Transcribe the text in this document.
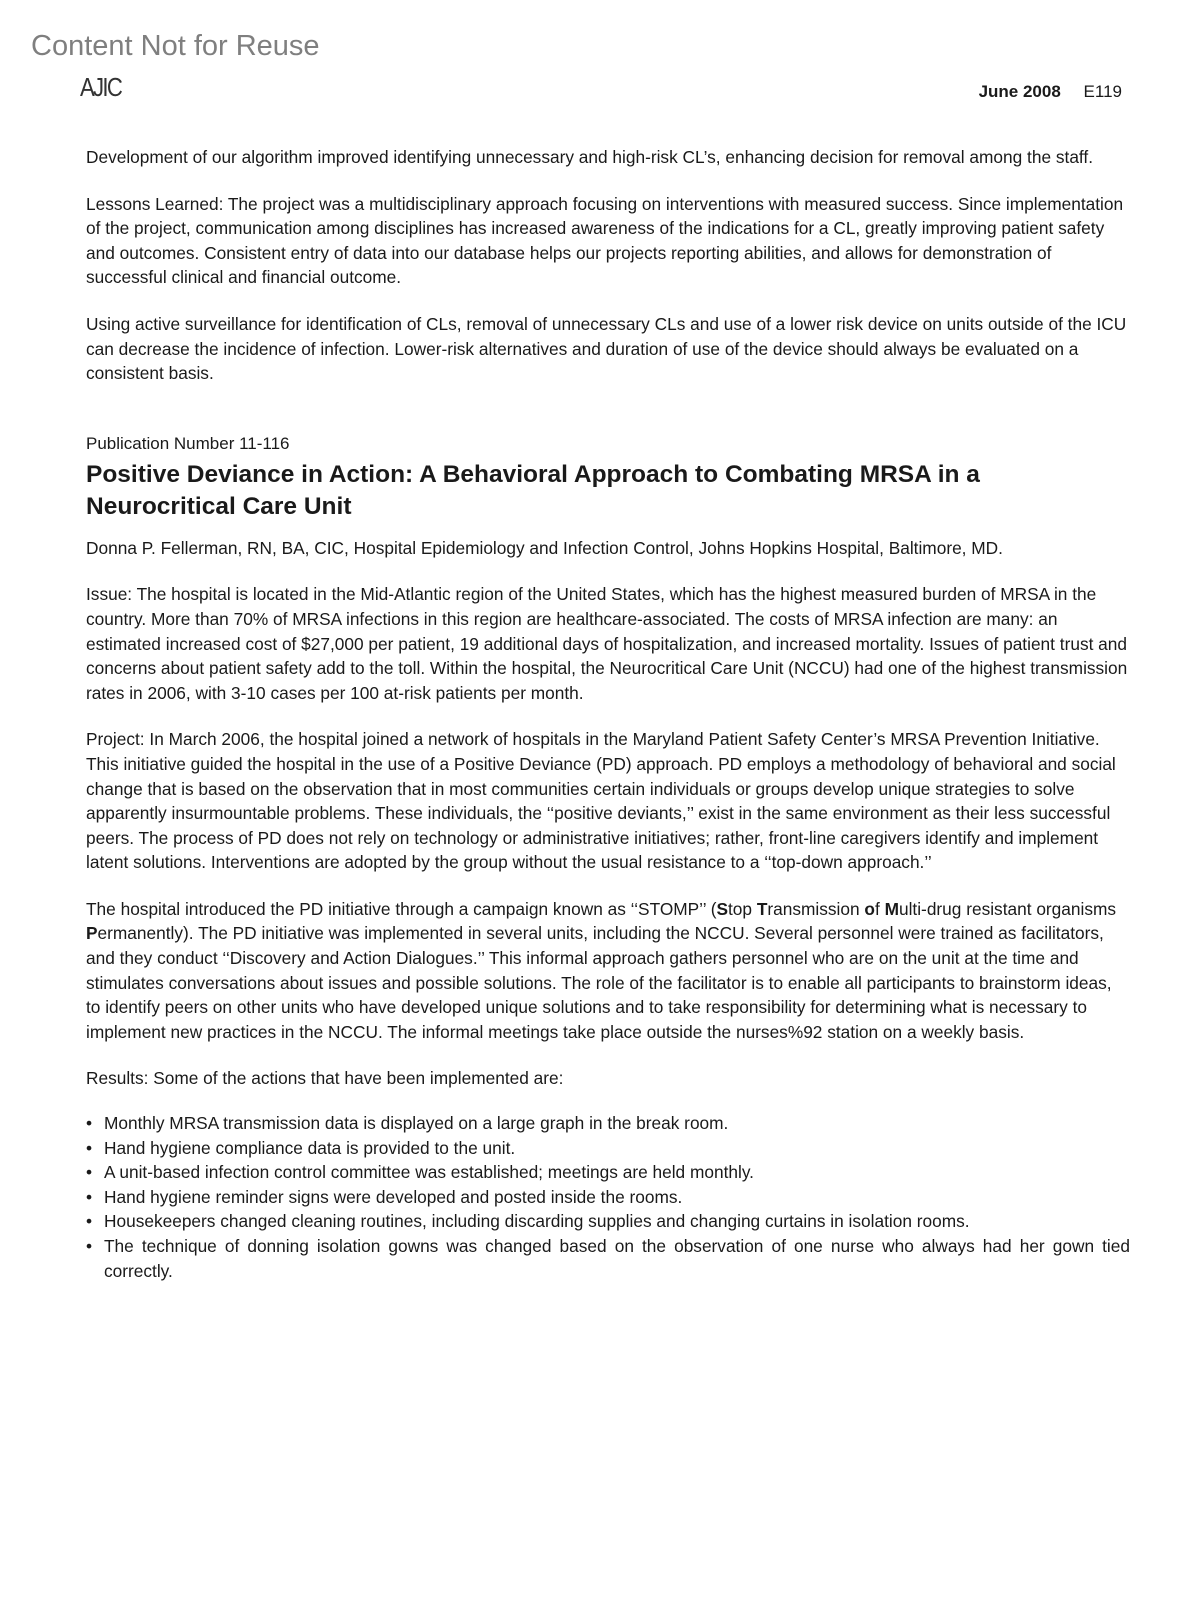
Content Not for Reuse
AJIC	June 2008 E119

Development of our algorithm improved identifying unnecessary and high-risk CL’s, enhancing decision for removal among the staff.

Lessons Learned: The project was a multidisciplinary approach focusing on interventions with measured success. Since implementation of the project, communication among disciplines has increased awareness of the indications for a CL, greatly improving patient safety and outcomes. Consistent entry of data into our database helps our projects reporting abilities, and allows for demonstration of successful clinical and financial outcome.

Using active surveillance for identification of CLs, removal of unnecessary CLs and use of a lower risk device on units outside of the ICU can decrease the incidence of infection. Lower-risk alternatives and duration of use of the device should always be evaluated on a consistent basis.

Publication Number 11-116
Positive Deviance in Action: A Behavioral Approach to Combating MRSA in a Neurocritical Care Unit

Donna P. Fellerman, RN, BA, CIC, Hospital Epidemiology and Infection Control, Johns Hopkins Hospital, Baltimore, MD.

Issue: The hospital is located in the Mid-Atlantic region of the United States, which has the highest measured burden of MRSA in the country. More than 70% of MRSA infections in this region are healthcare-associated. The costs of MRSA infection are many: an estimated increased cost of $27,000 per patient, 19 additional days of hospitalization, and increased mortality. Issues of patient trust and concerns about patient safety add to the toll. Within the hospital, the Neurocritical Care Unit (NCCU) had one of the highest transmission rates in 2006, with 3-10 cases per 100 at-risk patients per month.

Project: In March 2006, the hospital joined a network of hospitals in the Maryland Patient Safety Center’s MRSA Prevention Initiative. This initiative guided the hospital in the use of a Positive Deviance (PD) approach. PD employs a methodology of behavioral and social change that is based on the observation that in most communities certain individuals or groups develop unique strategies to solve apparently insurmountable problems. These individuals, the ‘‘positive deviants,’’ exist in the same environment as their less successful peers. The process of PD does not rely on technology or administrative initiatives; rather, front-line caregivers identify and implement latent solutions. Interventions are adopted by the group without the usual resistance to a ‘‘top-down approach.’’

The hospital introduced the PD initiative through a campaign known as ‘‘STOMP’’ (Stop Transmission of Multi-drug resistant organisms Permanently). The PD initiative was implemented in several units, including the NCCU. Several personnel were trained as facilitators, and they conduct ‘‘Discovery and Action Dialogues.’’ This informal approach gathers personnel who are on the unit at the time and stimulates conversations about issues and possible solutions. The role of the facilitator is to enable all participants to brainstorm ideas, to identify peers on other units who have developed unique solutions and to take responsibility for determining what is necessary to implement new practices in the NCCU. The informal meetings take place outside the nurses%92 station on a weekly basis.

Results: Some of the actions that have been implemented are:

• Monthly MRSA transmission data is displayed on a large graph in the break room.
• Hand hygiene compliance data is provided to the unit.
• A unit-based infection control committee was established; meetings are held monthly.
• Hand hygiene reminder signs were developed and posted inside the rooms.
• Housekeepers changed cleaning routines, including discarding supplies and changing curtains in isolation rooms.
• The technique of donning isolation gowns was changed based on the observation of one nurse who always had her gown tied correctly.
